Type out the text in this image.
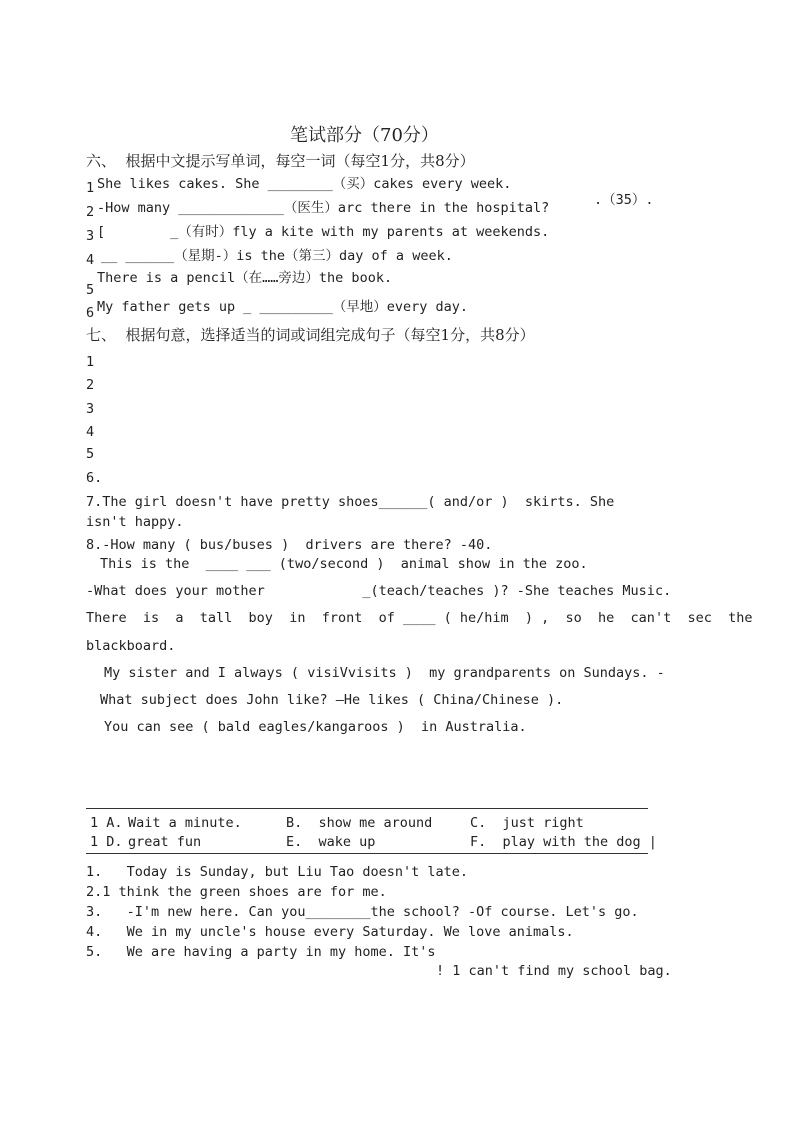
笔试部分（70分）
六、  根据中文提示写单词，每空一词（每空1分，共8分）
1 She likes cakes. She ________（买）cakes every week.
2 -How many _____________（医生）arc there in the hospital?	.（35）.
3 [        _（有时）fly a kite with my parents at weekends.
4 __ ______（星期-）is the（第三）day of a week.
5
There is a pencil（在……旁边）the book.
6 My father gets up _ _________（早地）every day.
七、  根据句意，选择适当的词或词组完成句子（每空1分，共8分）
1
2
3
4
5
6.
7.The girl doesn't have pretty shoes______( and/or )  skirts. She
isn't happy.
8.-How many ( bus/buses )  drivers are there? -40.
This is the  ____ ___ (two/second )  animal show in the zoo.
-What does your mother            _(teach/teaches )? -She teaches Music.
There  is  a  tall  boy  in  front  of ____ ( he/him  ) ,  so  he  can't  sec  the
blackboard.
My sister and I always ( visiVvisits )  my grandparents on Sundays. -
What subject does John like? —He likes ( China/Chinese ).
You can see ( bald eagles/kangaroos )  in Australia.
1 A. Wait a minute.	B.  show me around	C.  just right
1 D. great fun	E.  wake up	F.  play with the dog |
1.   Today is Sunday, but Liu Tao doesn't late.
2.1 think the green shoes are for me.
3.   -I'm new here. Can you________the school? -Of course. Let's go.
4.   We in my uncle's house every Saturday. We love animals.
5.   We are having a party in my home. It's
! 1 can't find my school bag.
